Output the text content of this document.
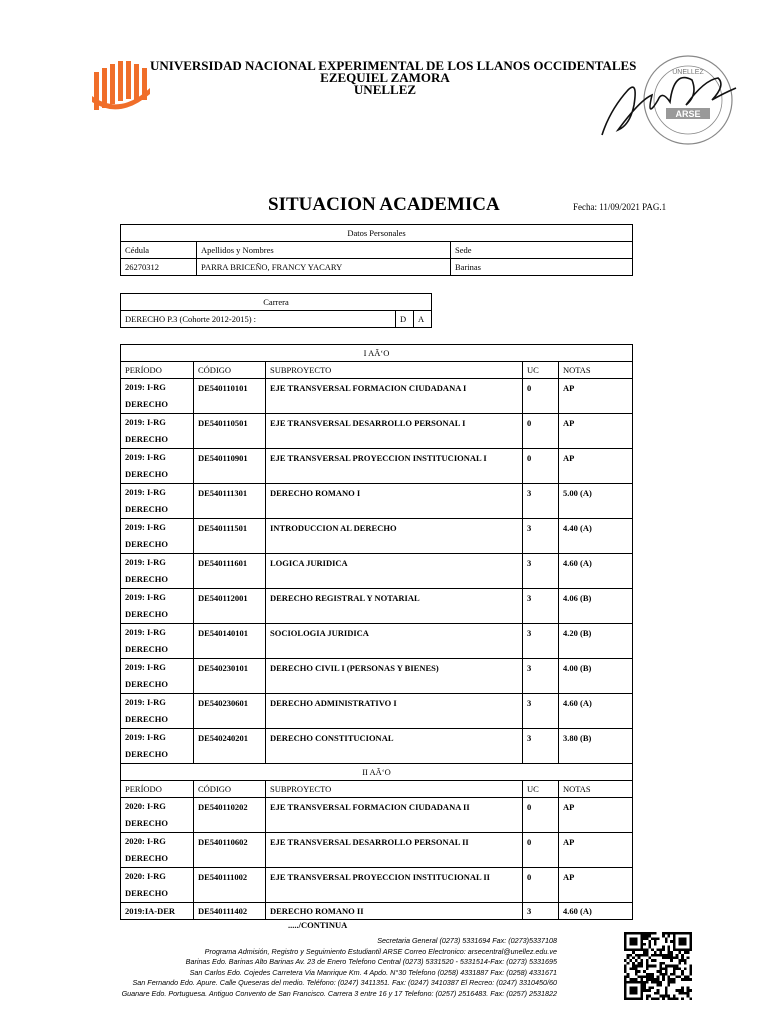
UNIVERSIDAD NACIONAL EXPERIMENTAL DE LOS LLANOS OCCIDENTALES
EZEQUIEL ZAMORA
UNELLEZ
ARSE
UNELLEZ
SITUACION ACADEMICA	Fecha: 11/09/2021 PAG.1
Datos Personales		
Cédula	Apellidos y Nombres	Sede
26270312	PARRA BRICEÑO, FRANCY YACARY	Barinas
Carrera
DERECHO P.3 (Cohorte 2012-2015) :	D	A
I AÃ‘O				
PERÍODO	CÓDIGO	SUBPROYECTO	UC	NOTAS

2019: I-RG
DERECHO	DE540110101	EJE TRANSVERSAL FORMACION CIUDADANA I	0	AP

2019: I-RG
DERECHO	DE540110501	EJE TRANSVERSAL DESARROLLO PERSONAL I	0	AP

2019: I-RG
DERECHO	DE540110901	EJE TRANSVERSAL PROYECCION INSTITUCIONAL I	0	AP

2019: I-RG
DERECHO	DE540111301	DERECHO ROMANO I	3	5.00 (A)

2019: I-RG
DERECHO	DE540111501	INTRODUCCION AL DERECHO	3	4.40 (A)

2019: I-RG
DERECHO	DE540111601	LOGICA JURIDICA	3	4.60 (A)

2019: I-RG
DERECHO	DE540112001	DERECHO REGISTRAL Y NOTARIAL	3	4.06 (B)

2019: I-RG
DERECHO	DE540140101	SOCIOLOGIA JURIDICA	3	4.20 (B)

2019: I-RG
DERECHO	DE540230101	DERECHO CIVIL I (PERSONAS Y BIENES)	3	4.00 (B)

2019: I-RG
DERECHO	DE540230601	DERECHO ADMINISTRATIVO I	3	4.60 (A)

2019: I-RG
DERECHO	DE540240201	DERECHO CONSTITUCIONAL	3	3.80 (B)
II AÃ‘O				
PERÍODO	CÓDIGO	SUBPROYECTO	UC	NOTAS

2020: I-RG
DERECHO	DE540110202	EJE TRANSVERSAL FORMACION CIUDADANA II	0	AP

2020: I-RG
DERECHO	DE540110602	EJE TRANSVERSAL DESARROLLO PERSONAL II	0	AP

2020: I-RG
DERECHO	DE540111002	EJE TRANSVERSAL PROYECCION INSTITUCIONAL II	0	AP

2019:IA-DER	DE540111402	DERECHO ROMANO II	3	4.60 (A)
...../CONTINUA
Secretaria General (0273) 5331694 Fax: (0273)5337108
Programa Admisión, Registro y Seguimiento Estudiantil ARSE Correo Electronico: arsecentral@unellez.edu.ve
Barinas Edo. Barinas Alto Barinas Av. 23 de Enero Telefono Central (0273) 5331520 - 5331514-Fax: (0273) 5331695
San Carlos Edo. Cojedes Carretera Via Manrique Km. 4 Apdo. N°30 Telefono (0258) 4331887 Fax: (0258) 4331671
San Fernando Edo. Apure. Calle Queseras del medio. Teléfono: (0247) 3411351. Fax: (0247) 3410387 El Recreo: (0247) 3310450/60
Guanare Edo. Portuguesa. Antiguo Convento de San Francisco. Carrera 3 entre 16 y 17 Telefono: (0257) 2516483. Fax: (0257) 2531822
